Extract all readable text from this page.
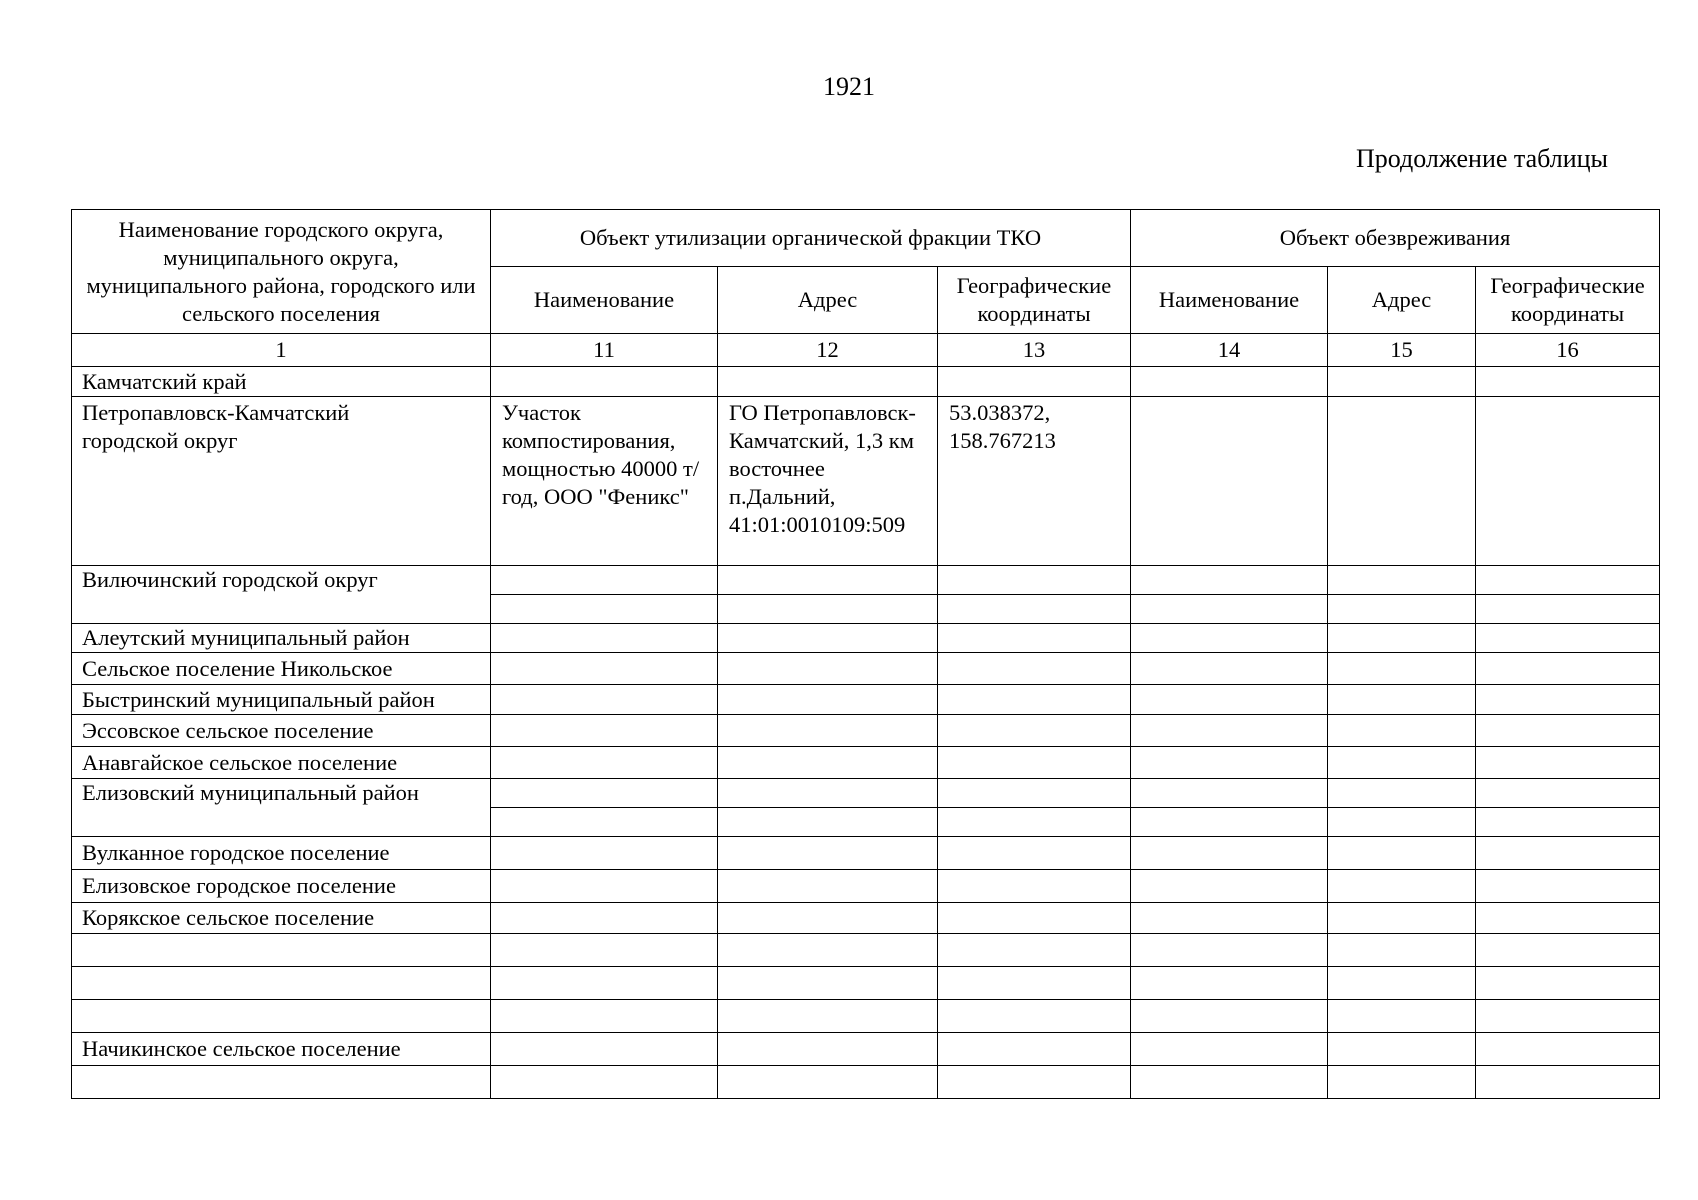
1921
Продолжение таблицы
Наименование городского округа, муниципального округа, муниципального района, городского или сельского поселения	Объект утилизации органической фракции ТКО			Объект обезвреживания		
	Наименование	Адрес	Географические координаты	Наименование	Адрес	Географические координаты
1	11	12	13	14	15	16
Камчатский край						
Петропавловск-Камчатский городской округ	Участок компостирования, мощностью 40000 т/год, ООО "Феникс"	ГО Петропавловск-Камчатский, 1,3 км восточнее п.Дальний, 41:01:0010109:509	53.038372, 158.767213			
Вилючинский городской округ						

Алеутский муниципальный район						
Сельское поселение Никольское						
Быстринский муниципальный район						
Эссовское сельское поселение						
Анавгайское сельское поселение						
Елизовский муниципальный район						

Вулканное городское поселение						
Елизовское городское поселение						
Корякское сельское поселение						

Начикинское сельское поселение						
